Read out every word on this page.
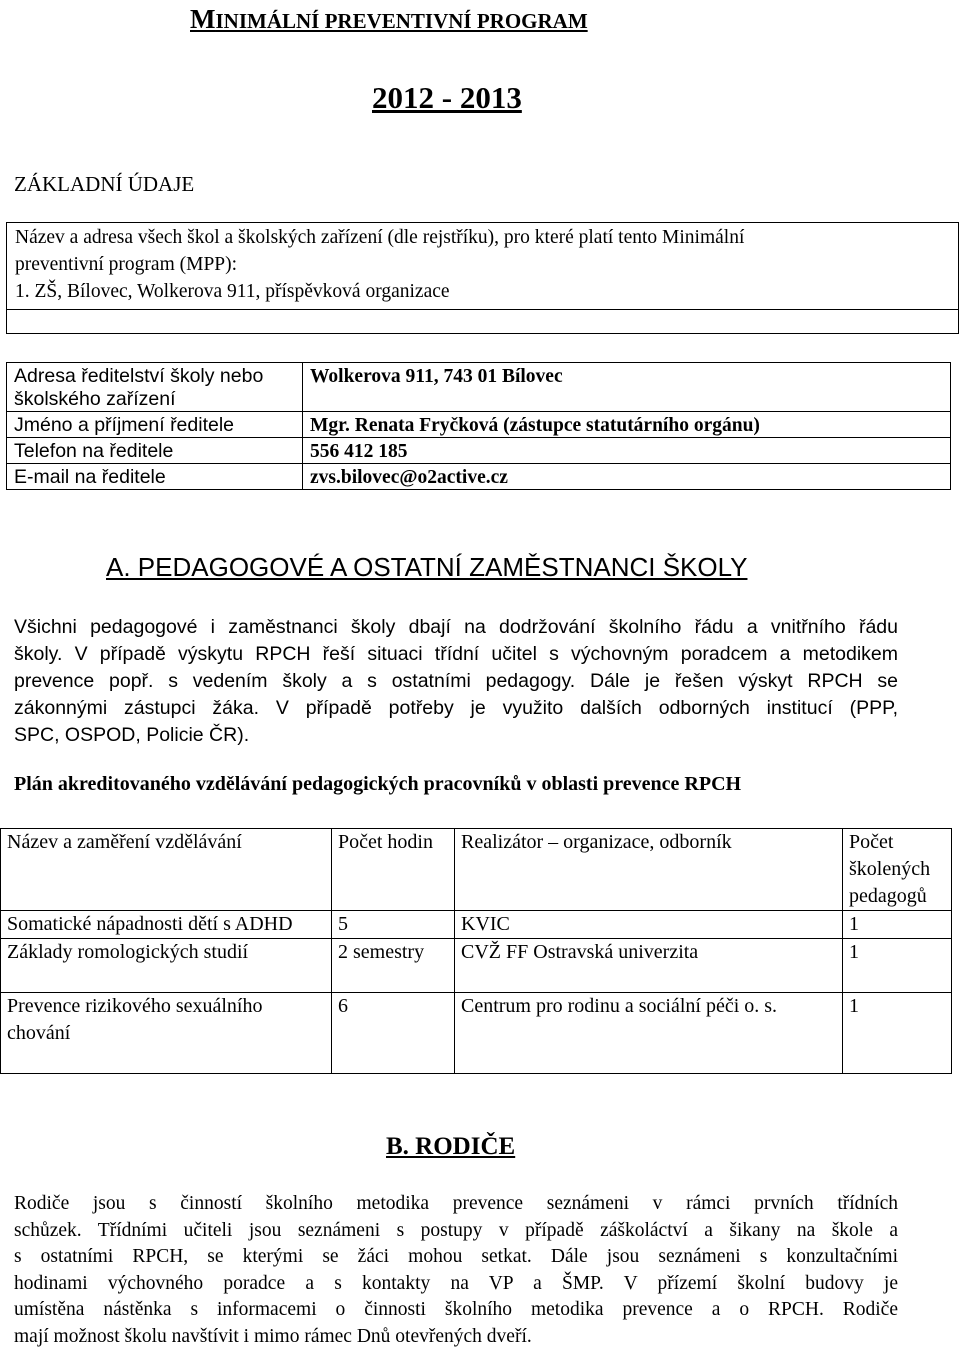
MINIMÁLNÍ PREVENTIVNÍ PROGRAM
2012 - 2013
ZÁKLADNÍ ÚDAJE
Název a adresa všech škol a školských zařízení (dle rejstříku), pro které platí tento Minimální
preventivní program (MPP):
1. ZŠ, Bílovec, Wolkerova 911, příspěvková organizace
Adresa ředitelství školy nebo školského zařízení	Wolkerova 911, 743 01 Bílovec
Jméno a příjmení ředitele	Mgr. Renata Fryčková (zástupce statutárního orgánu)
Telefon na ředitele	556 412 185
E-mail na ředitele	zvs.bilovec@o2active.cz
A. PEDAGOGOVÉ A OSTATNÍ ZAMĚSTNANCI ŠKOLY
Všichni pedagogové i zaměstnanci školy dbají na dodržování školního řádu a vnitřního řádu
školy. V případě výskytu RPCH řeší situaci třídní učitel s výchovným poradcem a metodikem
prevence popř. s vedením školy a s ostatními pedagogy. Dále je řešen výskyt RPCH se
zákonnými zástupci žáka. V případě potřeby je využito dalších odborných institucí (PPP,
SPC, OSPOD, Policie ČR).
Plán akreditovaného vzdělávání pedagogických pracovníků v oblasti prevence RPCH
Název a zaměření vzdělávání	Počet hodin	Realizátor – organizace, odborník	Počet školených pedagogů
Somatické nápadnosti dětí s ADHD	5	KVIC	1
Základy romologických studií	2 semestry	CVŽ FF Ostravská univerzita	1
Prevence rizikového sexuálního chování	6	Centrum pro rodinu a sociální péči o. s.	1
B. RODIČE
Rodiče jsou s činností školního metodika prevence seznámeni v rámci prvních třídních
schůzek. Třídními učiteli jsou seznámeni s postupy v případě záškoláctví a šikany na škole a
s ostatními RPCH, se kterými se žáci mohou setkat. Dále jsou seznámeni s konzultačními
hodinami výchovného poradce a s kontakty na VP a ŠMP. V přízemí školní budovy je
umístěna nástěnka s informacemi o činnosti školního metodika prevence a o RPCH. Rodiče
mají možnost školu navštívit i mimo rámec Dnů otevřených dveří.
